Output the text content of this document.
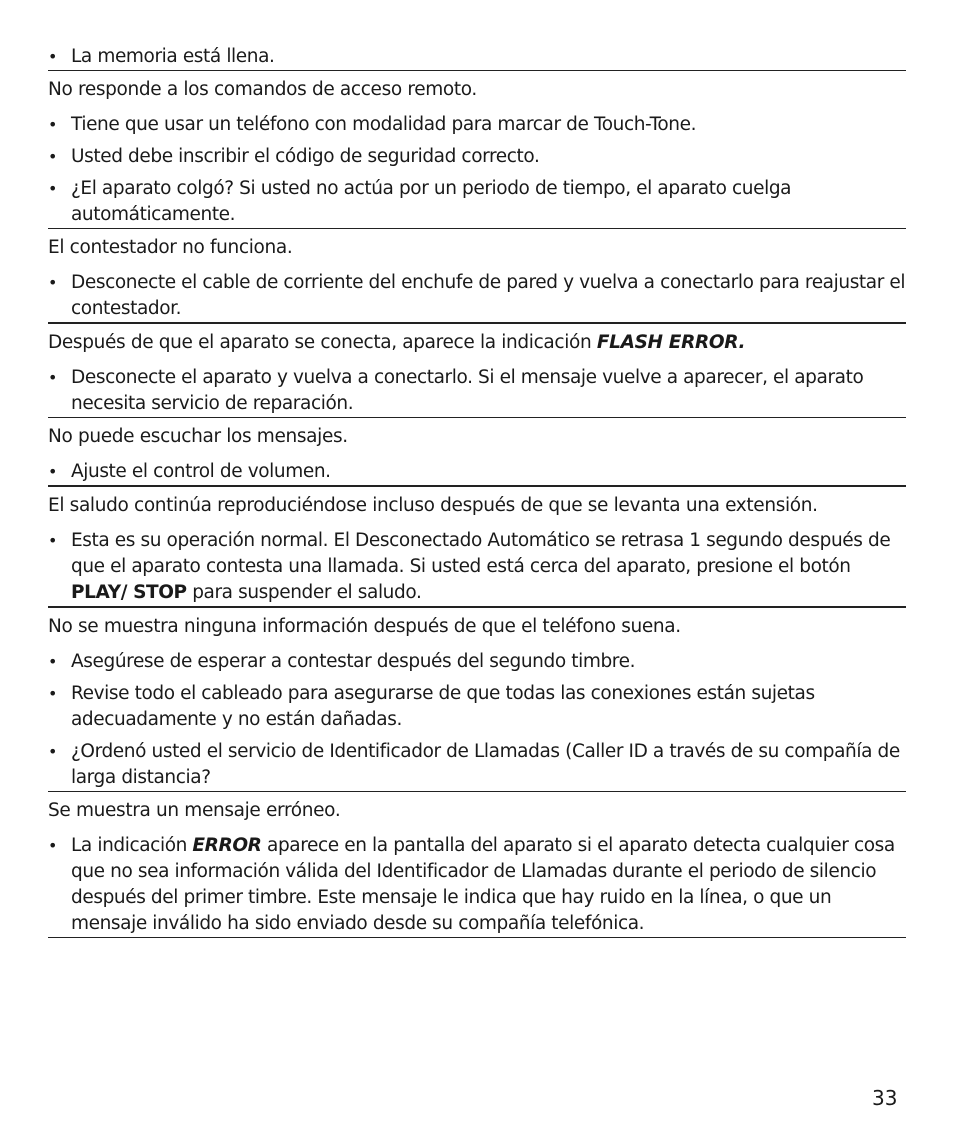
• La memoria está llena.
No responde a los comandos de acceso remoto.
• Tiene que usar un teléfono con modalidad para marcar de Touch-Tone.
• Usted debe inscribir el código de seguridad correcto.
• ¿El aparato colgó? Si usted no actúa por un periodo de tiempo, el aparato cuelga automáticamente.
El contestador no funciona.
• Desconecte el cable de corriente del enchufe de pared y vuelva a conectarlo para reajustar el contestador.
Después de que el aparato se conecta, aparece la indicación FLASH ERROR.
• Desconecte el aparato y vuelva a conectarlo. Si el mensaje vuelve a aparecer, el aparato necesita servicio de reparación.
No puede escuchar los mensajes.
• Ajuste el control de volumen.
El saludo continúa reproduciéndose incluso después de que se levanta una extensión.
• Esta es su operación normal. El Desconectado Automático se retrasa 1 segundo después de que el aparato contesta una llamada. Si usted está cerca del aparato, presione el botón PLAY/ STOP para suspender el saludo.
No se muestra ninguna información después de que el teléfono suena.
• Asegúrese de esperar a contestar después del segundo timbre.
• Revise todo el cableado para asegurarse de que todas las conexiones están sujetas adecuadamente y no están dañadas.
• ¿Ordenó usted el servicio de Identificador de Llamadas (Caller ID a través de su compañía de larga distancia?
Se muestra un mensaje erróneo.
• La indicación ERROR aparece en la pantalla del aparato si el aparato detecta cualquier cosa que no sea información válida del Identificador de Llamadas durante el periodo de silencio después del primer timbre. Este mensaje le indica que hay ruido en la línea, o que un mensaje inválido ha sido enviado desde su compañía telefónica.
33
